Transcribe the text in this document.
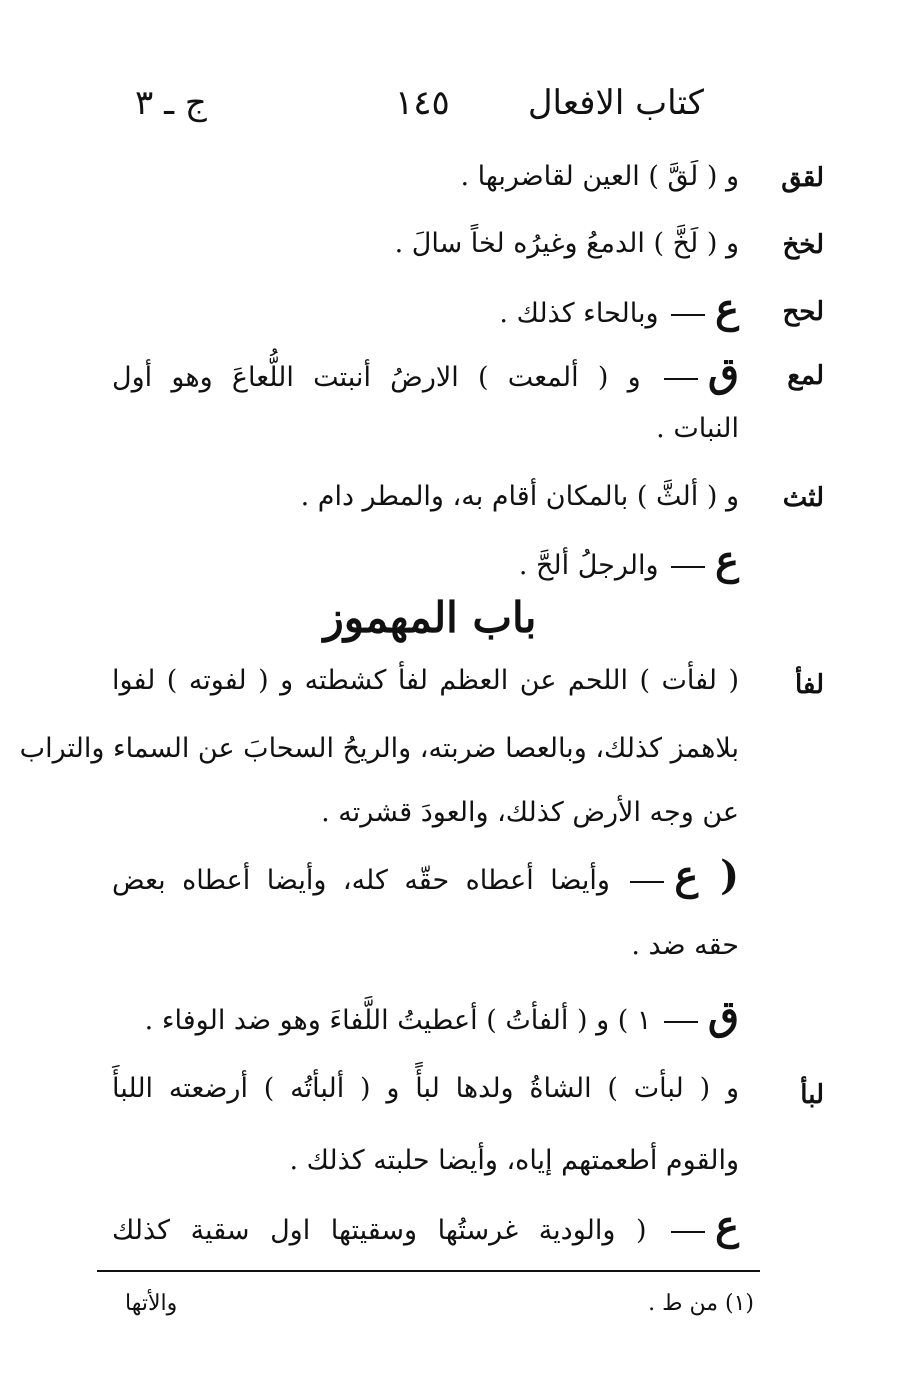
كتاب الافعال
١٤٥
ج ـ ٣
لقق
و ( لَقَّ ) العين لقاضربها .
لخخ
و ( لَخَّ ) الدمعُ وغيرُه لخاً سالَ .
لحح
ع وبالحاء كذلك .
لمع
ق و ( ألمعت ) الارضُ أنبتت اللُّعاعَ وهو أول
النبات .
لثث
و ( ألثَّ ) بالمكان أقام به، والمطر دام .
ع والرجلُ ألحَّ .
باب المهموز
لفأ
( لفأت ) اللحم عن العظم لفأ كشطته و ( لفوته ) لفوا
بلاهمز كذلك، وبالعصا ضربته، والريحُ السحابَ عن السماء والتراب
عن وجه الأرض كذلك، والعودَ قشرته .
( ع وأيضا أعطاه حقّه كله، وأيضا أعطاه بعض
حقه ضد .
ق ١ ) و ( ألفأتُ ) أعطيتُ اللَّفاءَ وهو ضد الوفاء .
لبأ
و ( لبأت ) الشاةُ ولدها لبأً و ( ألبأتُه ) أرضعته اللبأَ
والقوم أطعمتهم إياه، وأيضا حلبته كذلك .
ع ( والودية غرستُها وسقيتها اول سقية كذلك
(١) من ط .
والأتها
